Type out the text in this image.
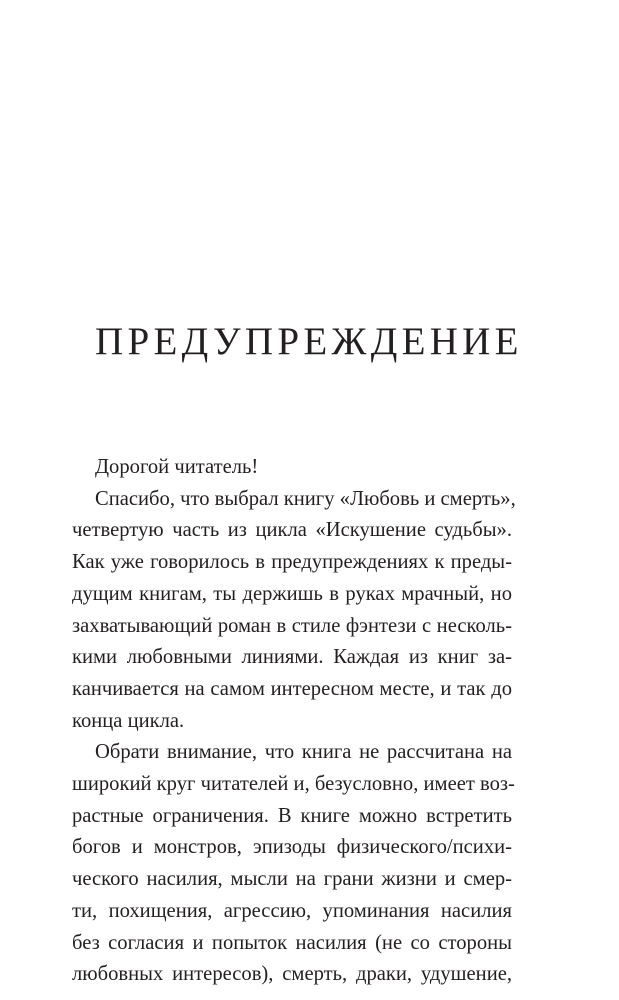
ПРЕДУПРЕЖДЕНИЕ
Дорогой читатель!
Спасибо, что выбрал книгу «Любовь и смерть»,
четвертую часть из цикла «Искушение судьбы».
Как уже говорилось в предупреждениях к преды-
дущим книгам, ты держишь в руках мрачный, но
захватывающий роман в стиле фэнтези с несколь-
кими любовными линиями. Каждая из книг за-
канчивается на самом интересном месте, и так до
конца цикла.
Обрати внимание, что книга не рассчитана на
широкий круг читателей и, безусловно, имеет воз-
растные ограничения. В книге можно встретить
богов и монстров, эпизоды физического/психи-
ческого насилия, мысли на грани жизни и смер-
ти, похищения, агрессию, упоминания насилия
без согласия и попыток насилия (не со стороны
любовных интересов), смерть, драки, удушение,
